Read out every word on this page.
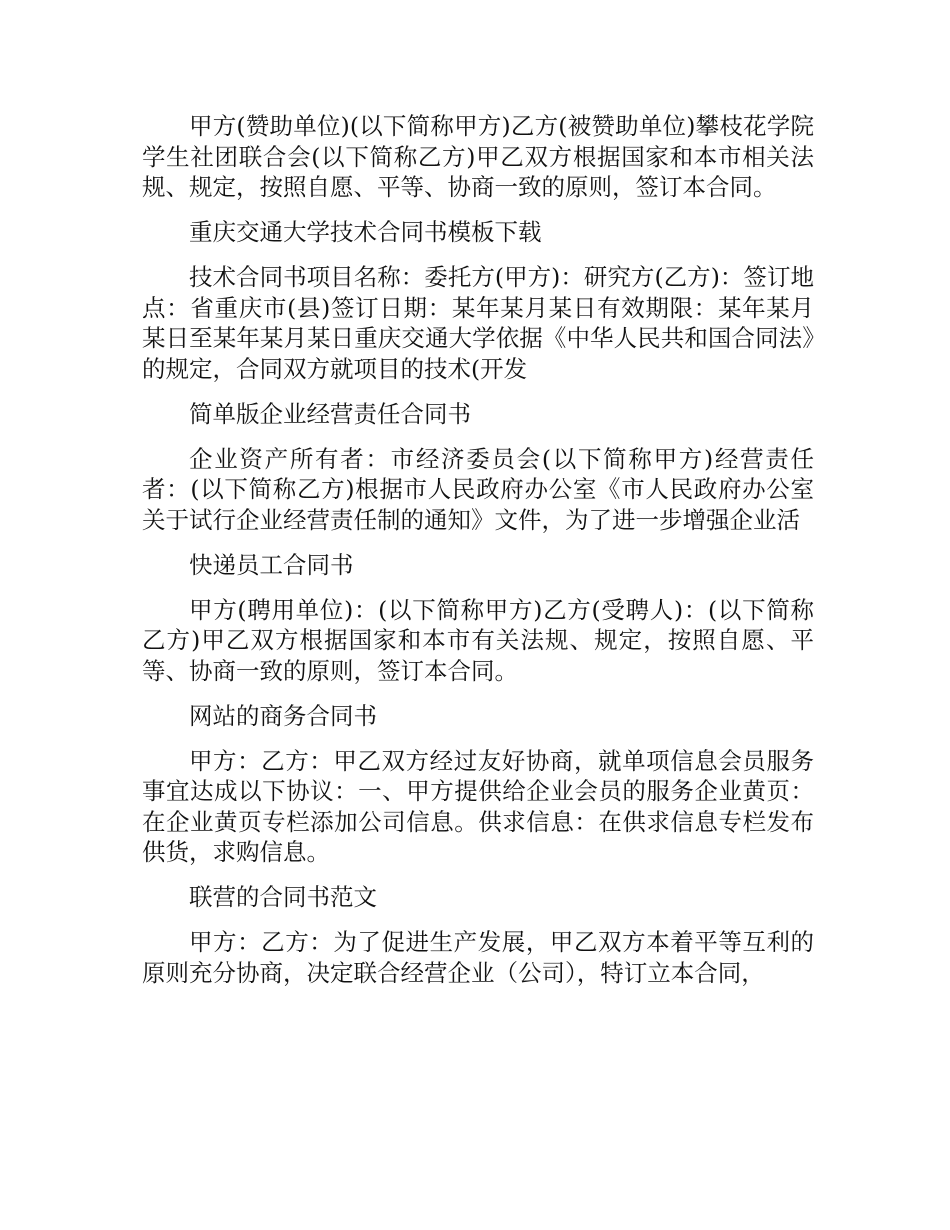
甲方(赞助单位)(以下简称甲方)乙方(被赞助单位)攀枝花学院学生社团联合会(以下简称乙方)甲乙双方根据国家和本市相关法规、规定，按照自愿、平等、协商一致的原则，签订本合同。

重庆交通大学技术合同书模板下载

技术合同书项目名称：委托方(甲方)：研究方(乙方)：签订地点：省重庆市(县)签订日期：某年某月某日有效期限：某年某月某日至某年某月某日重庆交通大学依据《中华人民共和国合同法》的规定，合同双方就项目的技术(开发

简单版企业经营责任合同书

企业资产所有者：市经济委员会(以下简称甲方)经营责任者：(以下简称乙方)根据市人民政府办公室《市人民政府办公室关于试行企业经营责任制的通知》文件，为了进一步增强企业活

快递员工合同书

甲方(聘用单位)：(以下简称甲方)乙方(受聘人)：(以下简称乙方)甲乙双方根据国家和本市有关法规、规定，按照自愿、平等、协商一致的原则，签订本合同。

网站的商务合同书

甲方：乙方：甲乙双方经过友好协商，就单项信息会员服务事宜达成以下协议：一、甲方提供给企业会员的服务企业黄页：在企业黄页专栏添加公司信息。供求信息：在供求信息专栏发布供货，求购信息。

联营的合同书范文

甲方：乙方：为了促进生产发展，甲乙双方本着平等互利的原则充分协商，决定联合经营企业（公司），特订立本合同，
